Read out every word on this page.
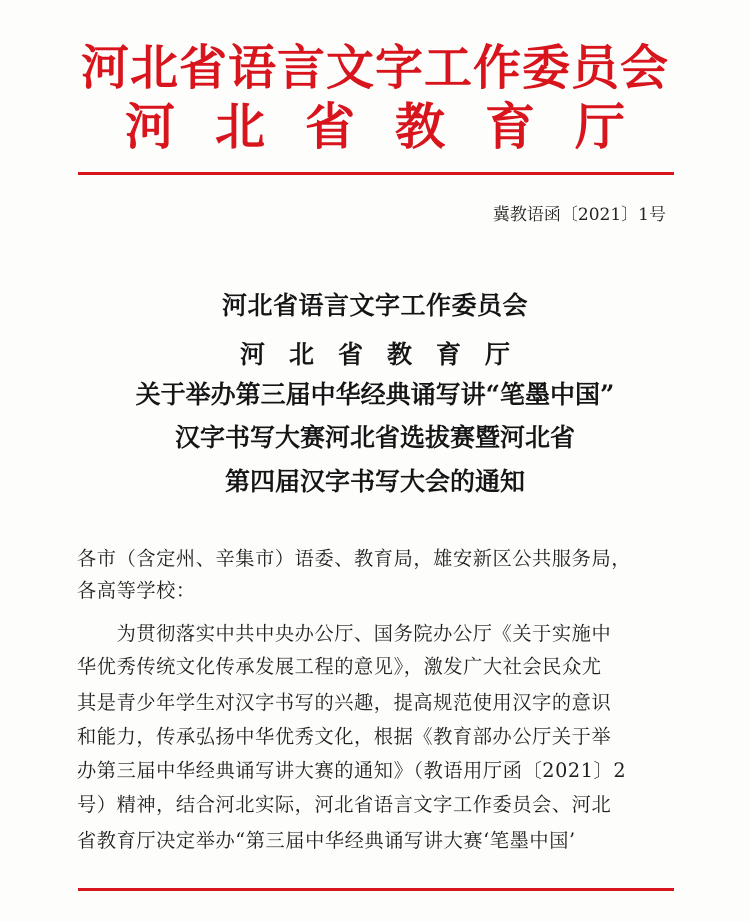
河北省语言文字工作委员会
河北省教育厅
冀教语函〔2021〕1号
河北省语言文字工作委员会
河北省教育厅
关于举办第三届中华经典诵写讲“笔墨中国”
汉字书写大赛河北省选拔赛暨河北省
第四届汉字书写大会的通知
各市（含定州、辛集市）语委、教育局，雄安新区公共服务局，
各高等学校：
　　为贯彻落实中共中央办公厅、国务院办公厅《关于实施中
华优秀传统文化传承发展工程的意见》，激发广大社会民众尤
其是青少年学生对汉字书写的兴趣，提高规范使用汉字的意识
和能力，传承弘扬中华优秀文化，根据《教育部办公厅关于举
办第三届中华经典诵写讲大赛的通知》（教语用厅函〔2021〕2
号）精神，结合河北实际，河北省语言文字工作委员会、河北
省教育厅决定举办“第三届中华经典诵写讲大赛‘笔墨中国’
